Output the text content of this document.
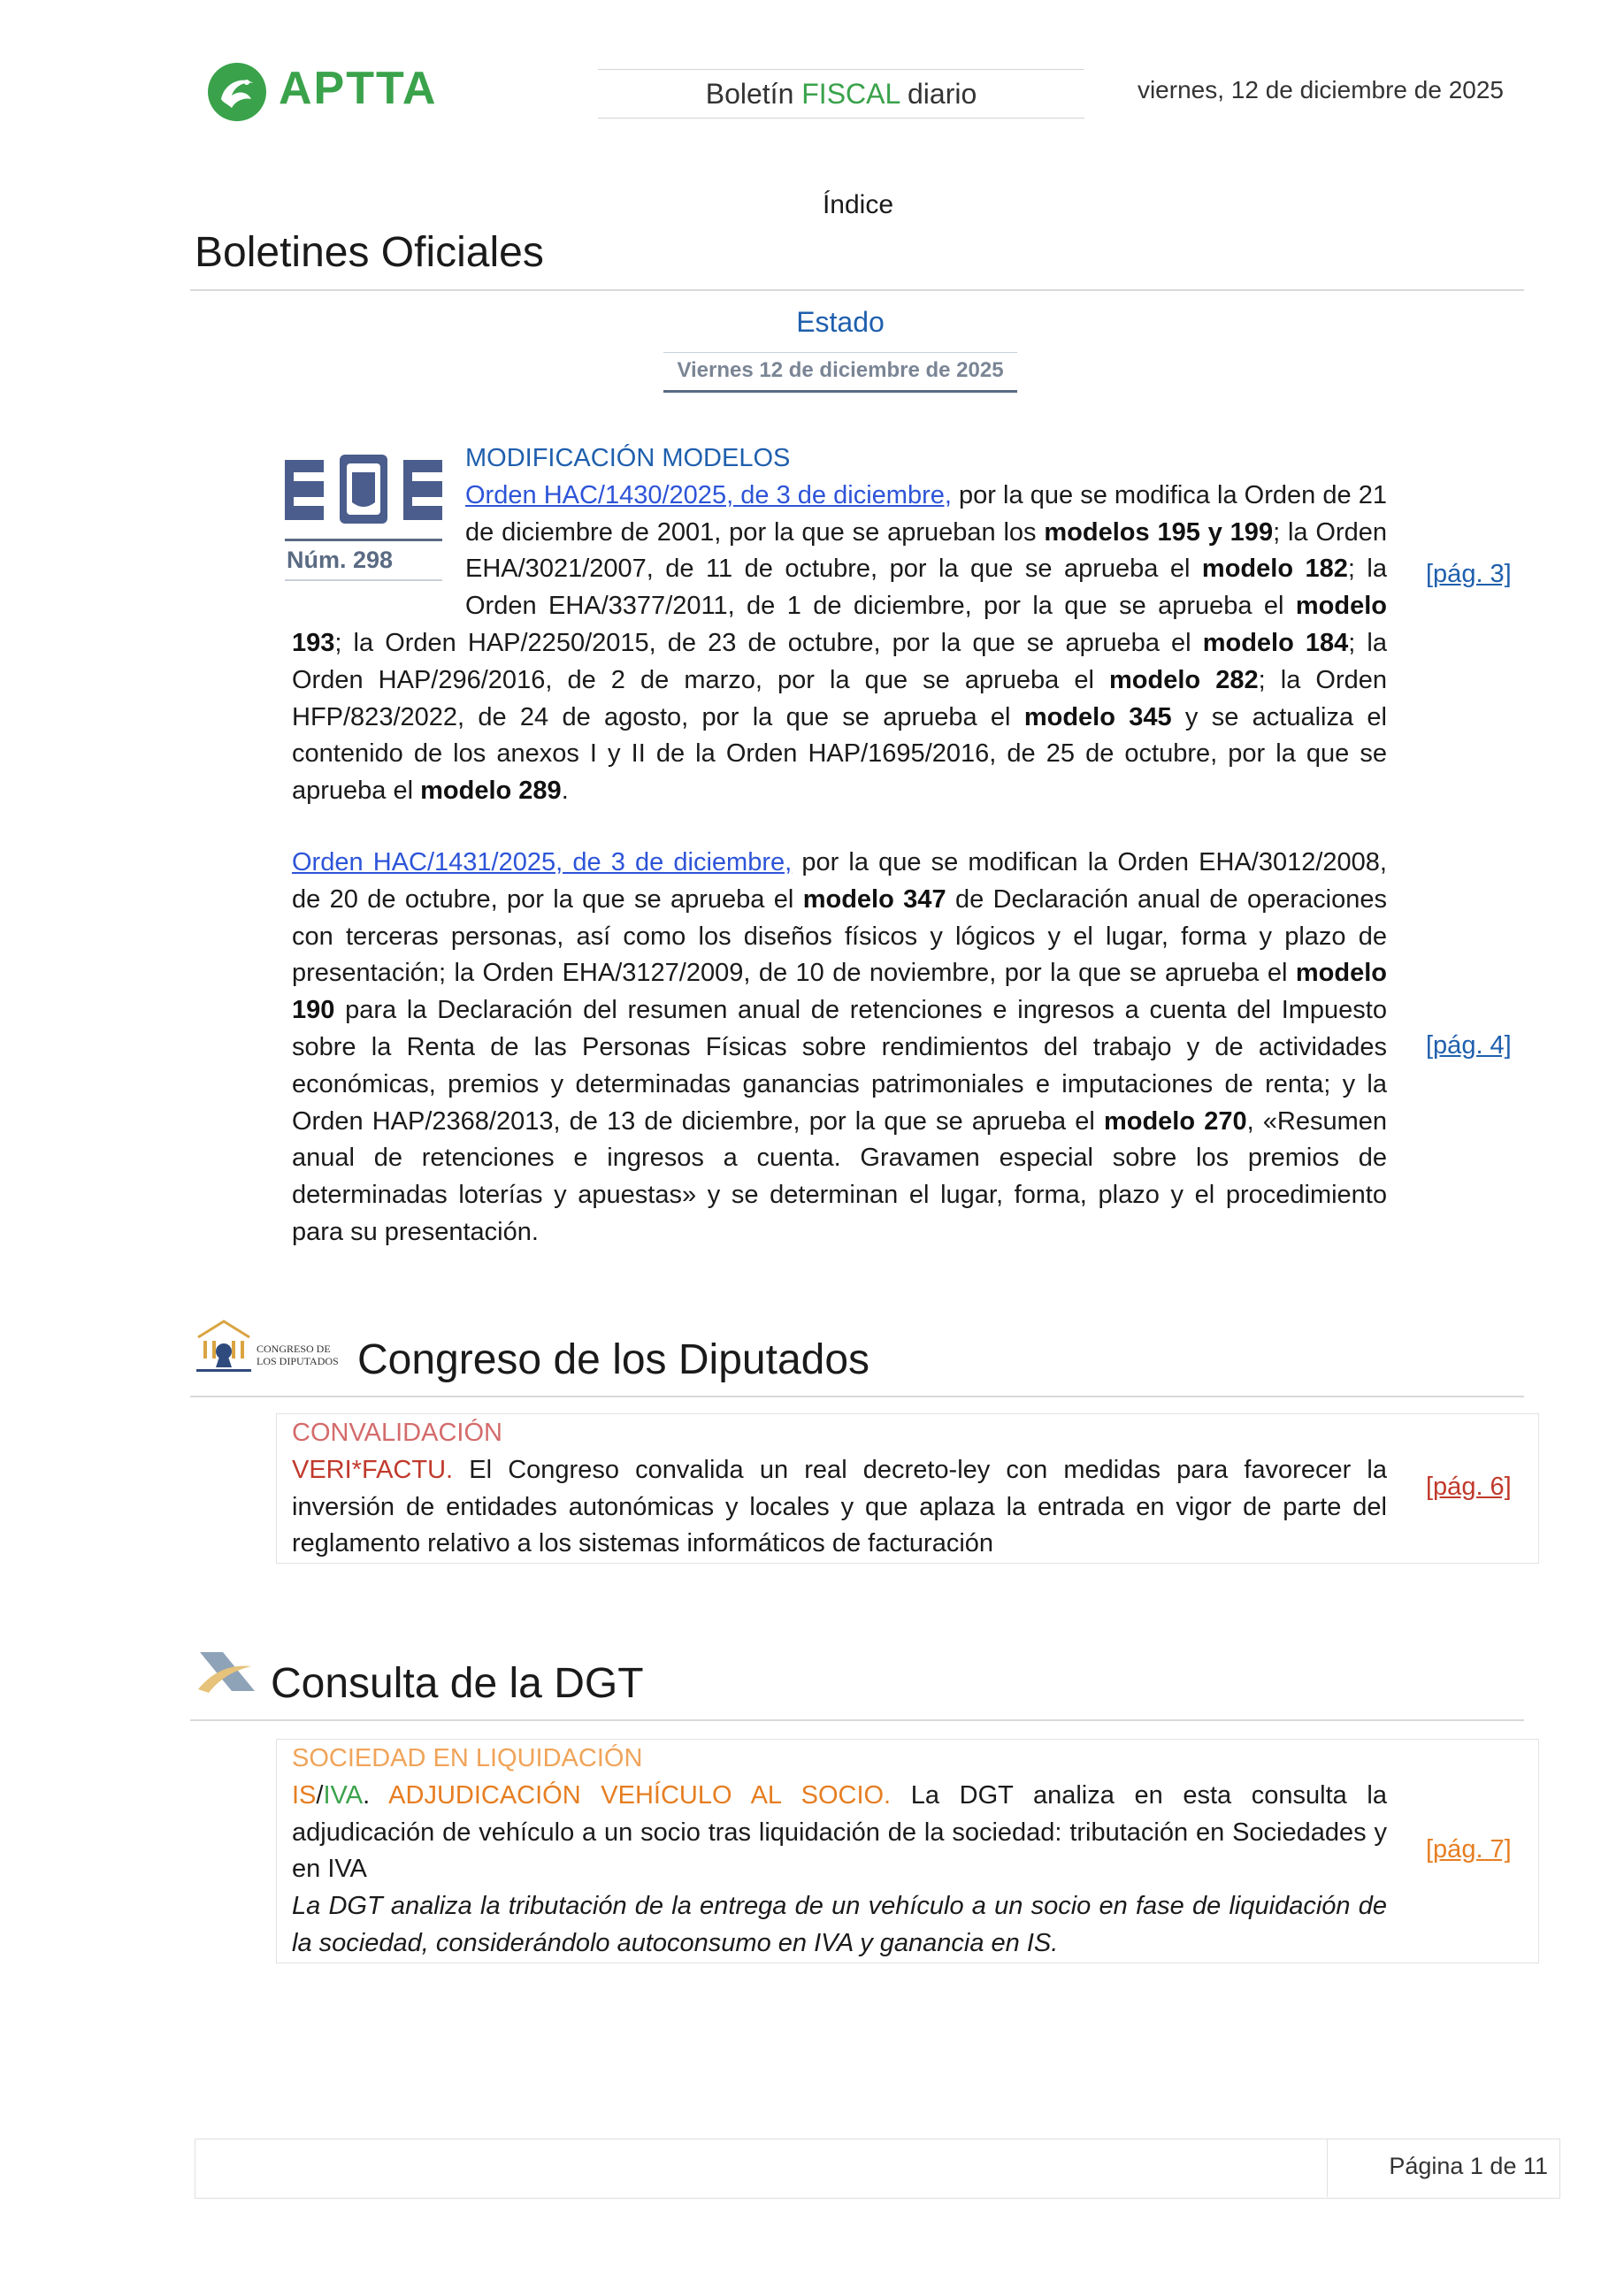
APTTA	Boletín FISCAL diario	viernes, 12 de diciembre de 2025
Índice
Boletines Oficiales
Estado
Viernes 12 de diciembre de 2025
Núm. 298
MODIFICACIÓN MODELOS
Orden HAC/1430/2025, de 3 de diciembre, por la que se modifica la Orden de 21 de diciembre de 2001, por la que se aprueban los modelos 195 y 199; la Orden EHA/3021/2007, de 11 de octubre, por la que se aprueba el modelo 182; la Orden EHA/3377/2011, de 1 de diciembre, por la que se aprueba el modelo 193; la Orden HAP/2250/2015, de 23 de octubre, por la que se aprueba el modelo 184; la Orden HAP/296/2016, de 2 de marzo, por la que se aprueba el modelo 282; la Orden HFP/823/2022, de 24 de agosto, por la que se aprueba el modelo 345 y se actualiza el contenido de los anexos I y II de la Orden HAP/1695/2016, de 25 de octubre, por la que se aprueba el modelo 289.
[pág. 3]
Orden HAC/1431/2025, de 3 de diciembre, por la que se modifican la Orden EHA/3012/2008, de 20 de octubre, por la que se aprueba el modelo 347 de Declaración anual de operaciones con terceras personas, así como los diseños físicos y lógicos y el lugar, forma y plazo de presentación; la Orden EHA/3127/2009, de 10 de noviembre, por la que se aprueba el modelo 190 para la Declaración del resumen anual de retenciones e ingresos a cuenta del Impuesto sobre la Renta de las Personas Físicas sobre rendimientos del trabajo y de actividades económicas, premios y determinadas ganancias patrimoniales e imputaciones de renta; y la Orden HAP/2368/2013, de 13 de diciembre, por la que se aprueba el modelo 270, «Resumen anual de retenciones e ingresos a cuenta. Gravamen especial sobre los premios de determinadas loterías y apuestas» y se determinan el lugar, forma, plazo y el procedimiento para su presentación.
[pág. 4]
CONGRESO DE
LOS DIPUTADOS Congreso de los Diputados
CONVALIDACIÓN
VERI*FACTU. El Congreso convalida un real decreto-ley con medidas para favorecer la inversión de entidades autonómicas y locales y que aplaza la entrada en vigor de parte del reglamento relativo a los sistemas informáticos de facturación
[pág. 6]
Consulta de la DGT
SOCIEDAD EN LIQUIDACIÓN
IS/IVA. ADJUDICACIÓN VEHÍCULO AL SOCIO. La DGT analiza en esta consulta la adjudicación de vehículo a un socio tras liquidación de la sociedad: tributación en Sociedades y en IVA
La DGT analiza la tributación de la entrega de un vehículo a un socio en fase de liquidación de la sociedad, considerándolo autoconsumo en IVA y ganancia en IS.
[pág. 7]
Página 1 de 11
